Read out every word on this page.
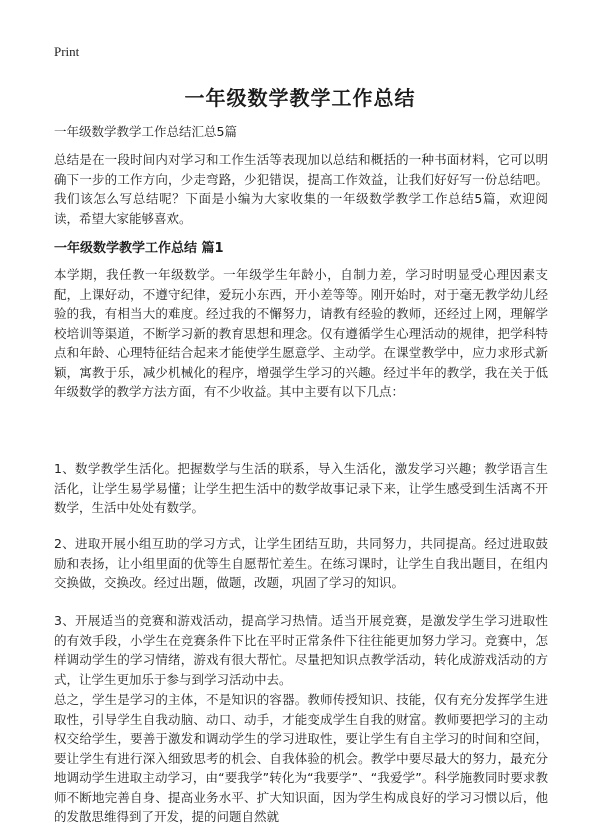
Print
一年级数学教学工作总结
一年级数学教学工作总结汇总5篇

总结是在一段时间内对学习和工作生活等表现加以总结和概括的一种书面材料，它可以明确下一步的工作方向，少走弯路，少犯错误，提高工作效益，让我们好好写一份总结吧。我们该怎么写总结呢？下面是小编为大家收集的一年级数学教学工作总结5篇，欢迎阅读，希望大家能够喜欢。

一年级数学教学工作总结 篇1

本学期，我任教一年级数学。一年级学生年龄小，自制力差，学习时明显受心理因素支配，上课好动，不遵守纪律，爱玩小东西，开小差等等。刚开始时，对于毫无教学幼儿经验的我，有相当大的难度。经过我的不懈努力，请教有经验的教师，还经过上网，理解学校培训等渠道，不断学习新的教育思想和理念。仅有遵循学生心理活动的规律，把学科特点和年龄、心理特征结合起来才能使学生愿意学、主动学。在课堂教学中，应力求形式新颖，寓教于乐，减少机械化的程序，增强学生学习的兴趣。经过半年的教学，我在关于低年级数学的教学方法方面，有不少收益。其中主要有以下几点：

1、数学教学生活化。把握数学与生活的联系，导入生活化，激发学习兴趣；教学语言生活化，让学生易学易懂；让学生把生活中的数学故事记录下来，让学生感受到生活离不开数学，生活中处处有数学。

2、进取开展小组互助的学习方式，让学生团结互助，共同努力，共同提高。经过进取鼓励和表扬，让小组里面的优等生自愿帮忙差生。在练习课时，让学生自我出题目，在组内交换做，交换改。经过出题，做题，改题，巩固了学习的知识。

3、开展适当的竞赛和游戏活动，提高学习热情。适当开展竞赛，是激发学生学习进取性的有效手段，小学生在竞赛条件下比在平时正常条件下往往能更加努力学习。竞赛中，怎样调动学生的学习情绪，游戏有很大帮忙。尽量把知识点教学活动，转化成游戏活动的方式，让学生更加乐于参与到学习活动中去。

总之，学生是学习的主体，不是知识的容器。教师传授知识、技能，仅有充分发挥学生进取性，引导学生自我动脑、动口、动手，才能变成学生自我的财富。教师要把学习的主动权交给学生，要善于激发和调动学生的学习进取性，要让学生有自主学习的时间和空间，要让学生有进行深入细致思考的机会、自我体验的机会。教学中要尽最大的努力，最充分地调动学生进取主动学习，由“要我学”转化为“我要学”、“我爱学”。科学施教同时要求教师不断地完善自身、提高业务水平、扩大知识面，因为学生构成良好的学习习惯以后，他的发散思维得到了开发，提的问题自然就
